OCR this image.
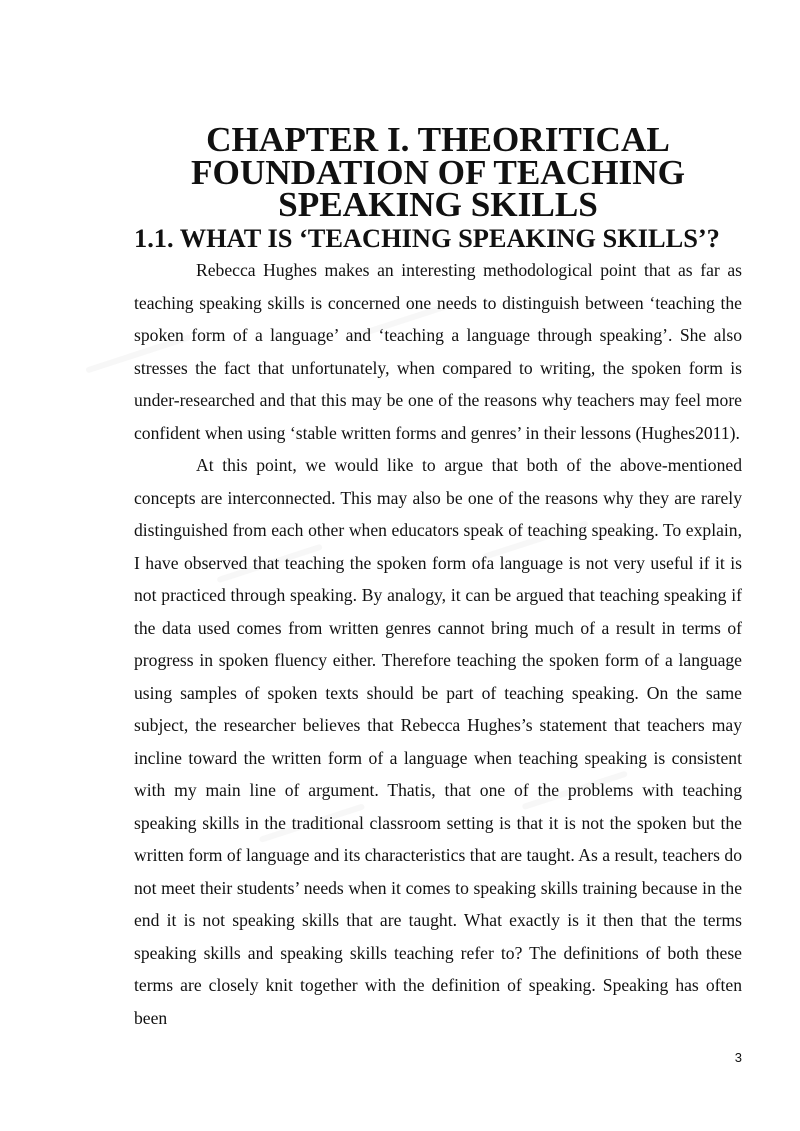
CHAPTER I. THEORITICAL FOUNDATION OF TEACHING SPEAKING SKILLS
1.1. WHAT IS ‘TEACHING SPEAKING SKILLS’?

Rebecca Hughes makes an interesting methodological point that as far as teaching speaking skills is concerned one needs to distinguish between ‘teaching the spoken form of a language’ and ‘teaching a language through speaking’. She also stresses the fact that unfortunately, when compared to writing, the spoken form is under-researched and that this may be one of the reasons why teachers may feel more confident when using ‘stable written forms and genres’ in their lessons (Hughes2011).

At this point, we would like to argue that both of the above-mentioned concepts are interconnected. This may also be one of the reasons why they are rarely distinguished from each other when educators speak of teaching speaking. To explain, I have observed that teaching the spoken form ofa language is not very useful if it is not practiced through speaking. By analogy, it can be argued that teaching speaking if the data used comes from written genres cannot bring much of a result in terms of progress in spoken fluency either. Therefore teaching the spoken form of a language using samples of spoken texts should be part of teaching speaking. On the same subject, the researcher believes that Rebecca Hughes’s statement that teachers may incline toward the written form of a language when teaching speaking is consistent with my main line of argument. Thatis, that one of the problems with teaching speaking skills in the traditional classroom setting is that it is not the spoken but the written form of language and its characteristics that are taught. As a result, teachers do not meet their students’ needs when it comes to speaking skills training because in the end it is not speaking skills that are taught. What exactly is it then that the terms speaking skills and speaking skills teaching refer to? The definitions of both these terms are closely knit together with the definition of speaking. Speaking has often been

3
